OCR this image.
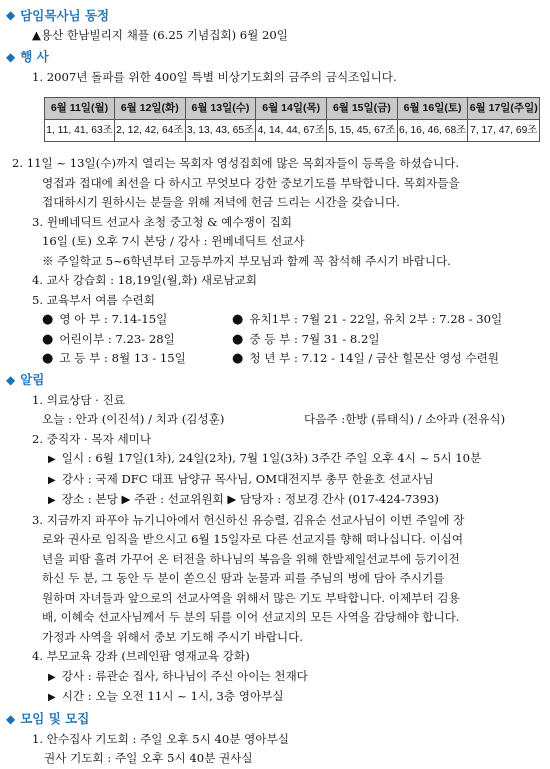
◆ 담임목사님 동정
▲용산 한남빌리지 채플 (6.25 기념집회) 6월 20일
◆ 행 사
1. 2007년 돌파를 위한 400일 특별 비상기도회의 금주의 금식조입니다.
6월 11일(월)	6월 12일(화)	6월 13일(수)	6월 14일(목)	6월 15일(금)	6월 16일(토)	6월 17일(주일)
1, 11, 41, 63조	2, 12, 42, 64조	3, 13, 43, 65조	4, 14, 44, 67조	5, 15, 45, 67조	6, 16, 46, 68조	7, 17, 47, 69조
2. 11일 ~ 13일(수)까지 열리는 목회자 영성집회에 많은 목회자들이 등록을 하셨습니다.
영접과 접대에 최선을 다 하시고 무엇보다 강한 중보기도를 부탁합니다. 목회자들을
접대하시기 원하시는 분들을 위해 저녁에 헌금 드리는 시간을 갖습니다.
3. 윈베네딕트 선교사 초청 중고청 & 예수쟁이 집회
16일 (토) 오후 7시 본당 / 강사 : 윈베네딕트 선교사
※ 주일학교 5~6학년부터 고등부까지 부모님과 함께 꼭 참석해 주시기 바랍니다.
4. 교사 강습회 : 18,19일(월,화) 새로남교회
5. 교육부서 여름 수련회
● 영 아 부 : 7.14-15일	● 유치1부 : 7월 21 - 22일, 유치 2부 : 7.28 - 30일
● 어린이부 : 7.23- 28일	● 중 등 부 : 7월 31 - 8.2일
● 고 등 부 : 8월 13 - 15일	● 청 년 부 : 7.12 - 14일 / 금산 힐몬산 영성 수련원
◆ 알림
1. 의료상담 · 진료
오늘 : 안과 (이진석) / 치과 (김성훈)	다음주 :한방 (류태식) / 소아과 (전유식)
2. 중직자 · 목자 세미나
▶ 일시 : 6월 17일(1차), 24일(2차), 7월 1일(3차) 3주간 주일 오후 4시 ~ 5시 10분
▶ 강사 : 국제 DFC 대표 남양규 목사님, OM대전지부 총무 한윤호 선교사님
▶ 장소 : 본당 ▶ 주관 : 선교위원회 ▶ 담당자 : 정보경 간사 (017-424-7393)
3. 지금까지 파푸아 뉴기니아에서 헌신하신 유승렬, 김유순 선교사님이 이번 주일에 장
로와 권사로 임직을 받으시고 6월 15일자로 다른 선교지를 향해 떠나십니다. 이십여
년을 피땀 흘려 가꾸어 온 터전을 하나님의 복음을 위해 한발제일선교부에 등기이전
하신 두 분, 그 동안 두 분이 쏟으신 땀과 눈물과 피를 주님의 벙에 담아 주시기를
원하며 자녀들과 앞으로의 선교사역을 위해서 많은 기도 부탁합니다. 이제부터 김용
배, 이혜숙 선교사님께서 두 분의 뒤를 이어 선교지의 모든 사역을 감당해야 합니다.
가정과 사역을 위해서 중보 기도해 주시기 바랍니다.
4. 부모교육 강좌 (브레인팜 영재교육 강화)
▶ 강사 : 류관순 집사, 하나님이 주신 아이는 천재다
▶ 시간 : 오늘 오전 11시 ~ 1시, 3층 영아부실
◆ 모임 및 모집
1. 안수집사 기도회 : 주일 오후 5시 40분 영아부실
권사 기도회 : 주일 오후 5시 40분 권사실
